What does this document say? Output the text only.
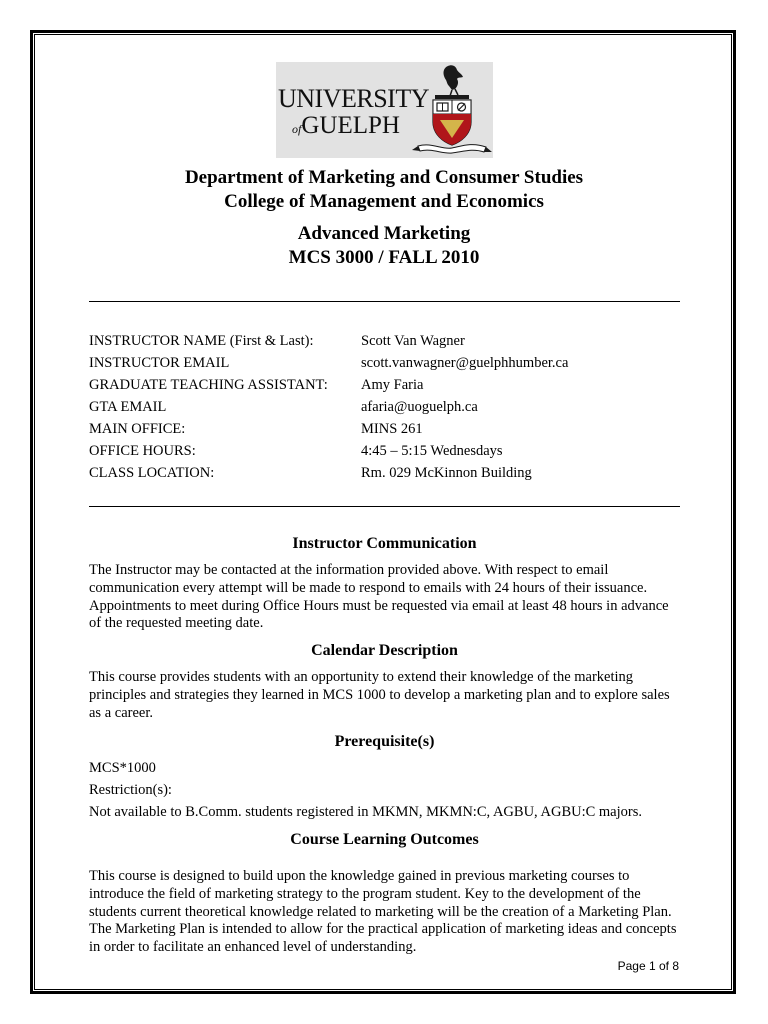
UNIVERSITY
ofGUELPH
Department of Marketing and Consumer Studies
College of Management and Economics
Advanced Marketing
MCS 3000 / FALL 2010
INSTRUCTOR NAME (First & Last):	Scott Van Wagner
INSTRUCTOR EMAIL	scott.vanwagner@guelphhumber.ca
GRADUATE TEACHING ASSISTANT:	Amy Faria
GTA EMAIL	afaria@uoguelph.ca
MAIN OFFICE:	MINS 261
OFFICE HOURS:	4:45 – 5:15 Wednesdays
CLASS LOCATION:	Rm. 029 McKinnon Building
Instructor Communication
The Instructor may be contacted at the information provided above. With respect to email communication every attempt will be made to respond to emails with 24 hours of their issuance. Appointments to meet during Office Hours must be requested via email at least 48 hours in advance of the requested meeting date.
Calendar Description
This course provides students with an opportunity to extend their knowledge of the marketing principles and strategies they learned in MCS 1000 to develop a marketing plan and to explore sales as a career.
Prerequisite(s)
MCS*1000
Restriction(s):
Not available to B.Comm. students registered in MKMN, MKMN:C, AGBU, AGBU:C majors.
Course Learning Outcomes
This course is designed to build upon the knowledge gained in previous marketing courses to introduce the field of marketing strategy to the program student. Key to the development of the students current theoretical knowledge related to marketing will be the creation of a Marketing Plan. The Marketing Plan is intended to allow for the practical application of marketing ideas and concepts in order to facilitate an enhanced level of understanding.
Page 1 of 8
